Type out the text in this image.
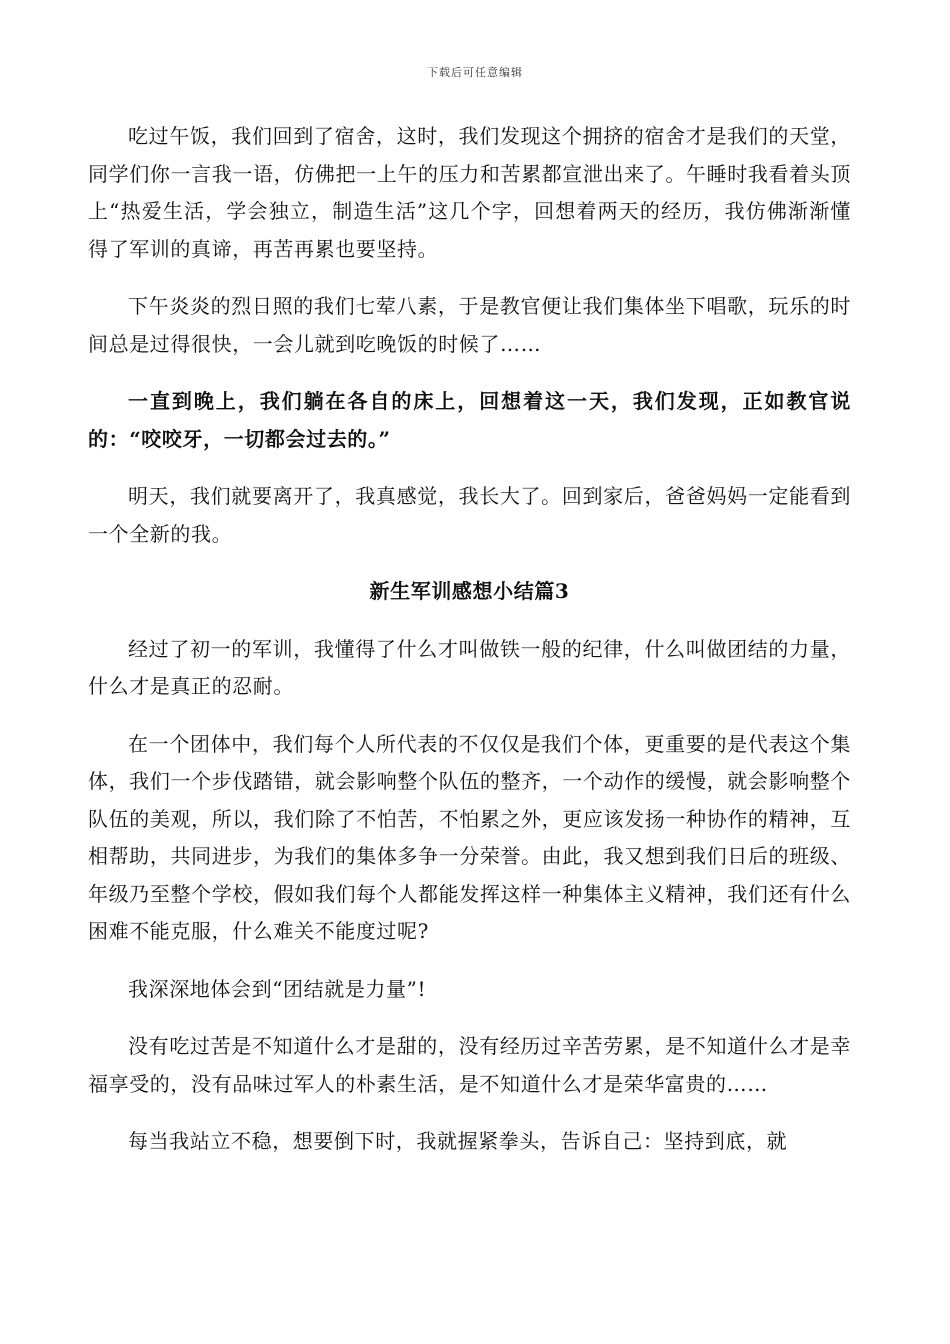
下载后可任意编辑

吃过午饭，我们回到了宿舍，这时，我们发现这个拥挤的宿舍才是我们的天堂，同学们你一言我一语，仿佛把一上午的压力和苦累都宣泄出来了。午睡时我看着头顶上“热爱生活，学会独立，制造生活”这几个字，回想着两天的经历，我仿佛渐渐懂得了军训的真谛，再苦再累也要坚持。

下午炎炎的烈日照的我们七荤八素，于是教官便让我们集体坐下唱歌，玩乐的时间总是过得很快，一会儿就到吃晚饭的时候了……

一直到晚上，我们躺在各自的床上，回想着这一天，我们发现，正如教官说的：“咬咬牙，一切都会过去的。”

明天，我们就要离开了，我真感觉，我长大了。回到家后，爸爸妈妈一定能看到一个全新的我。

新生军训感想小结篇3

经过了初一的军训，我懂得了什么才叫做铁一般的纪律，什么叫做团结的力量，什么才是真正的忍耐。

在一个团体中，我们每个人所代表的不仅仅是我们个体，更重要的是代表这个集体，我们一个步伐踏错，就会影响整个队伍的整齐，一个动作的缓慢，就会影响整个队伍的美观，所以，我们除了不怕苦，不怕累之外，更应该发扬一种协作的精神，互相帮助，共同进步，为我们的集体多争一分荣誉。由此，我又想到我们日后的班级、年级乃至整个学校，假如我们每个人都能发挥这样一种集体主义精神，我们还有什么困难不能克服，什么难关不能度过呢?

我深深地体会到“团结就是力量”!

没有吃过苦是不知道什么才是甜的，没有经历过辛苦劳累，是不知道什么才是幸福享受的，没有品味过军人的朴素生活，是不知道什么才是荣华富贵的……

每当我站立不稳，想要倒下时，我就握紧拳头，告诉自己：坚持到底，就
